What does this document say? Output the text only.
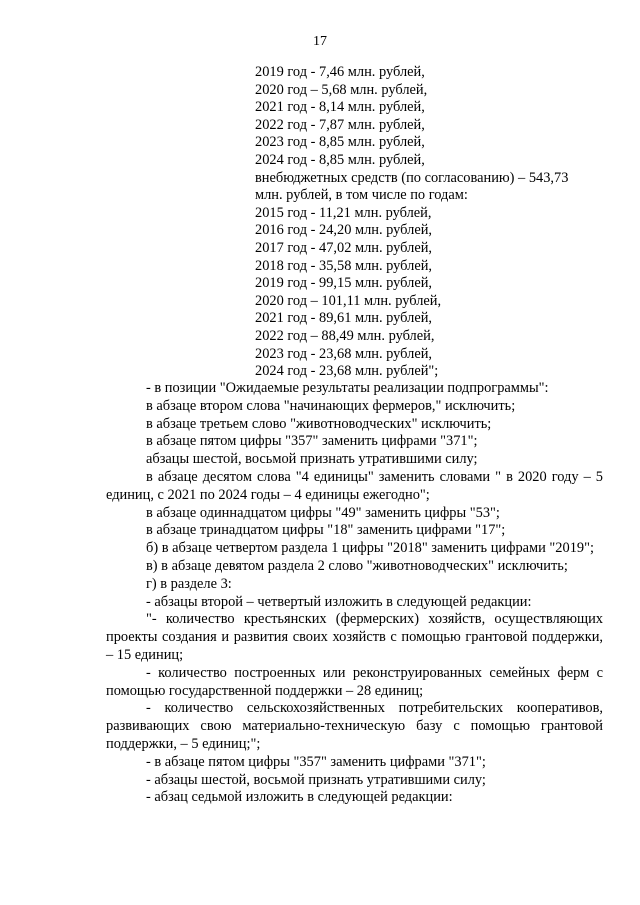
17
2019 год - 7,46 млн. рублей,
2020 год – 5,68 млн. рублей,
2021 год - 8,14 млн. рублей,
2022 год - 7,87 млн. рублей,
2023 год - 8,85 млн. рублей,
2024 год - 8,85 млн. рублей,
внебюджетных средств (по согласованию) – 543,73
млн. рублей, в том числе по годам:
2015 год - 11,21 млн. рублей,
2016 год - 24,20 млн. рублей,
2017 год - 47,02 млн. рублей,
2018 год - 35,58 млн. рублей,
2019 год - 99,15 млн. рублей,
2020 год – 101,11 млн. рублей,
2021 год - 89,61 млн. рублей,
2022 год – 88,49 млн. рублей,
2023 год - 23,68 млн. рублей,
2024 год - 23,68 млн. рублей";
- в позиции "Ожидаемые результаты реализации подпрограммы":
в абзаце втором слова "начинающих фермеров," исключить;
в абзаце третьем слово "животноводческих" исключить;
в абзаце пятом цифры "357" заменить цифрами "371";
абзацы шестой, восьмой признать утратившими силу;
в абзаце десятом слова "4 единицы" заменить словами " в 2020 году – 5 единиц, с 2021 по 2024 годы – 4 единицы ежегодно";
в абзаце одиннадцатом цифры "49" заменить цифры "53";
в абзаце тринадцатом цифры "18" заменить цифрами "17";
б) в абзаце четвертом раздела 1 цифры "2018" заменить цифрами "2019";
в) в абзаце девятом раздела 2 слово "животноводческих" исключить;
г) в разделе 3:
- абзацы второй – четвертый изложить в следующей редакции:
"- количество крестьянских (фермерских) хозяйств, осуществляющих проекты создания и развития своих хозяйств с помощью грантовой поддержки, – 15 единиц;
- количество построенных или реконструированных семейных ферм с помощью государственной поддержки – 28 единиц;
- количество сельскохозяйственных потребительских кооперативов, развивающих свою материально-техническую базу с помощью грантовой поддержки, – 5 единиц;";
- в абзаце пятом цифры "357" заменить цифрами "371";
- абзацы шестой, восьмой признать утратившими силу;
- абзац седьмой изложить в следующей редакции:
